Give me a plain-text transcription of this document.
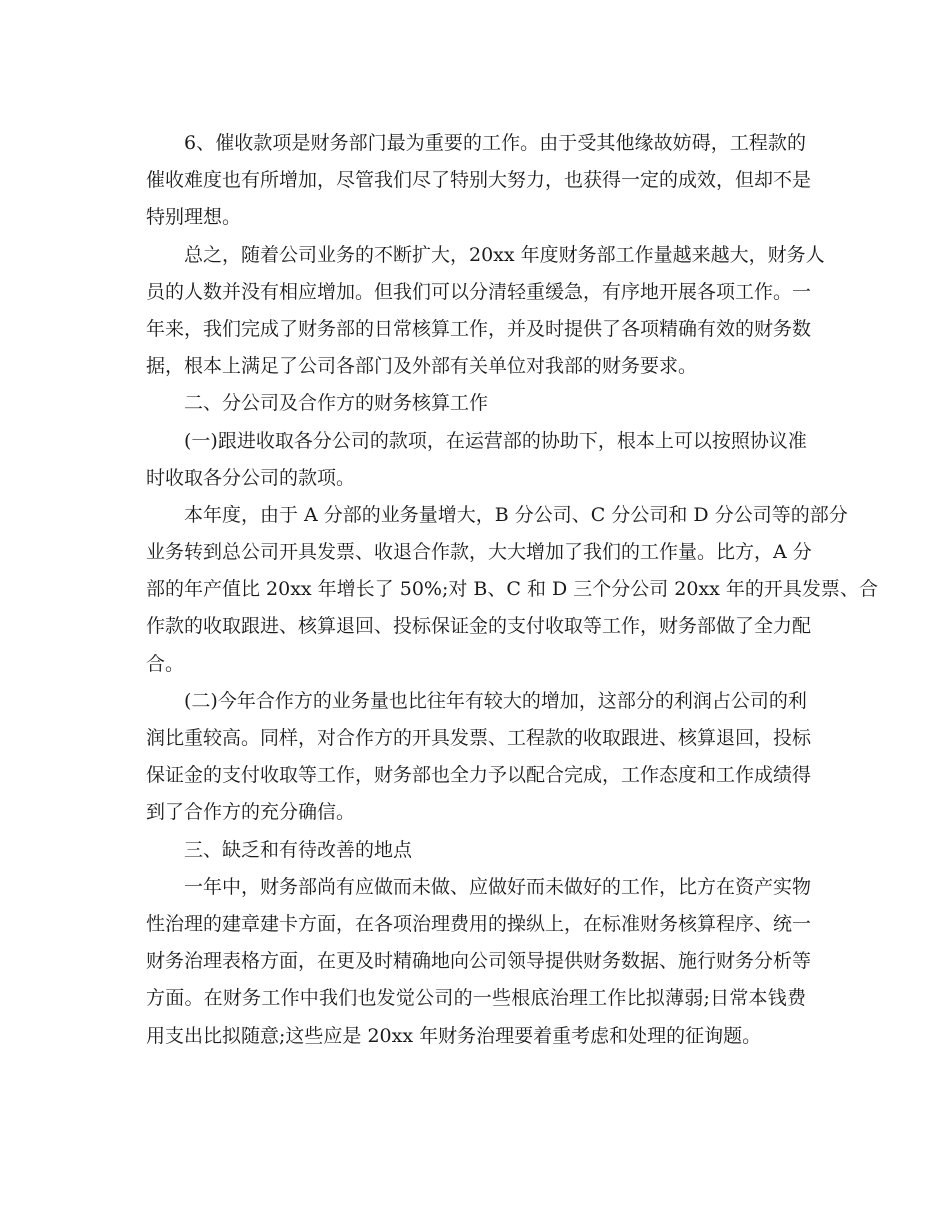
6、催收款项是财务部门最为重要的工作。由于受其他缘故妨碍，工程款的
催收难度也有所增加，尽管我们尽了特别大努力，也获得一定的成效，但却不是
特别理想。
总之，随着公司业务的不断扩大，20xx 年度财务部工作量越来越大，财务人
员的人数并没有相应增加。但我们可以分清轻重缓急，有序地开展各项工作。一
年来，我们完成了财务部的日常核算工作，并及时提供了各项精确有效的财务数
据，根本上满足了公司各部门及外部有关单位对我部的财务要求。
二、分公司及合作方的财务核算工作
(一)跟进收取各分公司的款项，在运营部的协助下，根本上可以按照协议准
时收取各分公司的款项。
本年度，由于 A 分部的业务量增大，B 分公司、C 分公司和 D 分公司等的部分
业务转到总公司开具发票、收退合作款，大大增加了我们的工作量。比方，A 分
部的年产值比 20xx 年增长了 50%;对 B、C 和 D 三个分公司 20xx 年的开具发票、合
作款的收取跟进、核算退回、投标保证金的支付收取等工作，财务部做了全力配
合。
(二)今年合作方的业务量也比往年有较大的增加，这部分的利润占公司的利
润比重较高。同样，对合作方的开具发票、工程款的收取跟进、核算退回，投标
保证金的支付收取等工作，财务部也全力予以配合完成，工作态度和工作成绩得
到了合作方的充分确信。
三、缺乏和有待改善的地点
一年中，财务部尚有应做而未做、应做好而未做好的工作，比方在资产实物
性治理的建章建卡方面，在各项治理费用的操纵上，在标准财务核算程序、统一
财务治理表格方面，在更及时精确地向公司领导提供财务数据、施行财务分析等
方面。在财务工作中我们也发觉公司的一些根底治理工作比拟薄弱;日常本钱费
用支出比拟随意;这些应是 20xx 年财务治理要着重考虑和处理的征询题。
